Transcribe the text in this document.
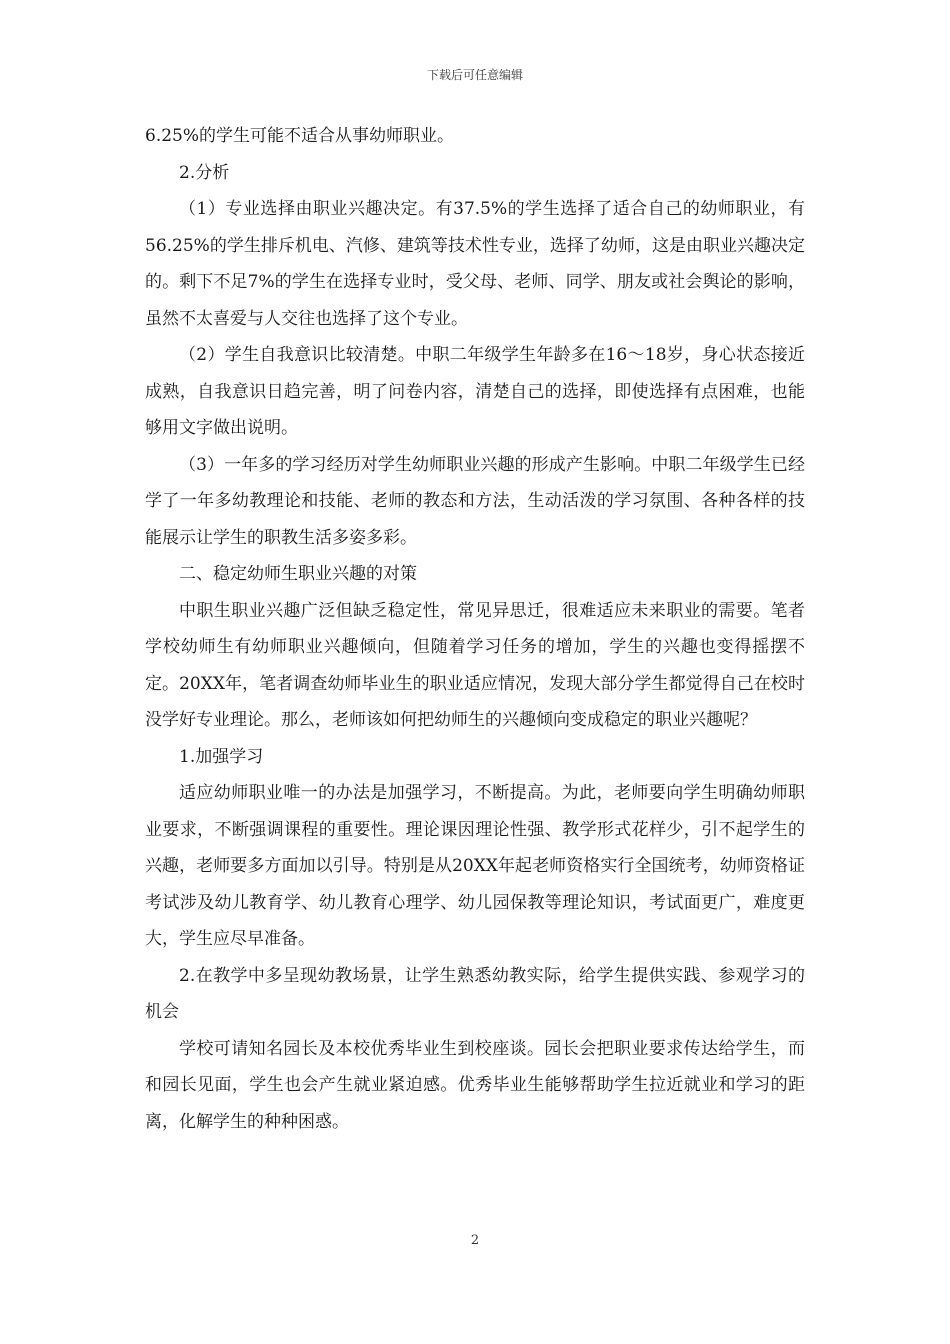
下载后可任意编辑

6.25%的学生可能不适合从事幼师职业。

2.分析

（1）专业选择由职业兴趣决定。有37.5%的学生选择了适合自己的幼师职业，有56.25%的学生排斥机电、汽修、建筑等技术性专业，选择了幼师，这是由职业兴趣决定的。剩下不足7%的学生在选择专业时，受父母、老师、同学、朋友或社会舆论的影响，虽然不太喜爱与人交往也选择了这个专业。

（2）学生自我意识比较清楚。中职二年级学生年龄多在16～18岁，身心状态接近成熟，自我意识日趋完善，明了问卷内容，清楚自己的选择，即使选择有点困难，也能够用文字做出说明。

（3）一年多的学习经历对学生幼师职业兴趣的形成产生影响。中职二年级学生已经学了一年多幼教理论和技能、老师的教态和方法，生动活泼的学习氛围、各种各样的技能展示让学生的职教生活多姿多彩。

二、稳定幼师生职业兴趣的对策

中职生职业兴趣广泛但缺乏稳定性，常见异思迁，很难适应未来职业的需要。笔者学校幼师生有幼师职业兴趣倾向，但随着学习任务的增加，学生的兴趣也变得摇摆不定。20XX年，笔者调查幼师毕业生的职业适应情况，发现大部分学生都觉得自己在校时没学好专业理论。那么，老师该如何把幼师生的兴趣倾向变成稳定的职业兴趣呢？

1.加强学习

适应幼师职业唯一的办法是加强学习，不断提高。为此，老师要向学生明确幼师职业要求，不断强调课程的重要性。理论课因理论性强、教学形式花样少，引不起学生的兴趣，老师要多方面加以引导。特别是从20XX年起老师资格实行全国统考，幼师资格证考试涉及幼儿教育学、幼儿教育心理学、幼儿园保教等理论知识，考试面更广，难度更大，学生应尽早准备。

2.在教学中多呈现幼教场景，让学生熟悉幼教实际，给学生提供实践、参观学习的机会

学校可请知名园长及本校优秀毕业生到校座谈。园长会把职业要求传达给学生，而和园长见面，学生也会产生就业紧迫感。优秀毕业生能够帮助学生拉近就业和学习的距离，化解学生的种种困惑。

2
